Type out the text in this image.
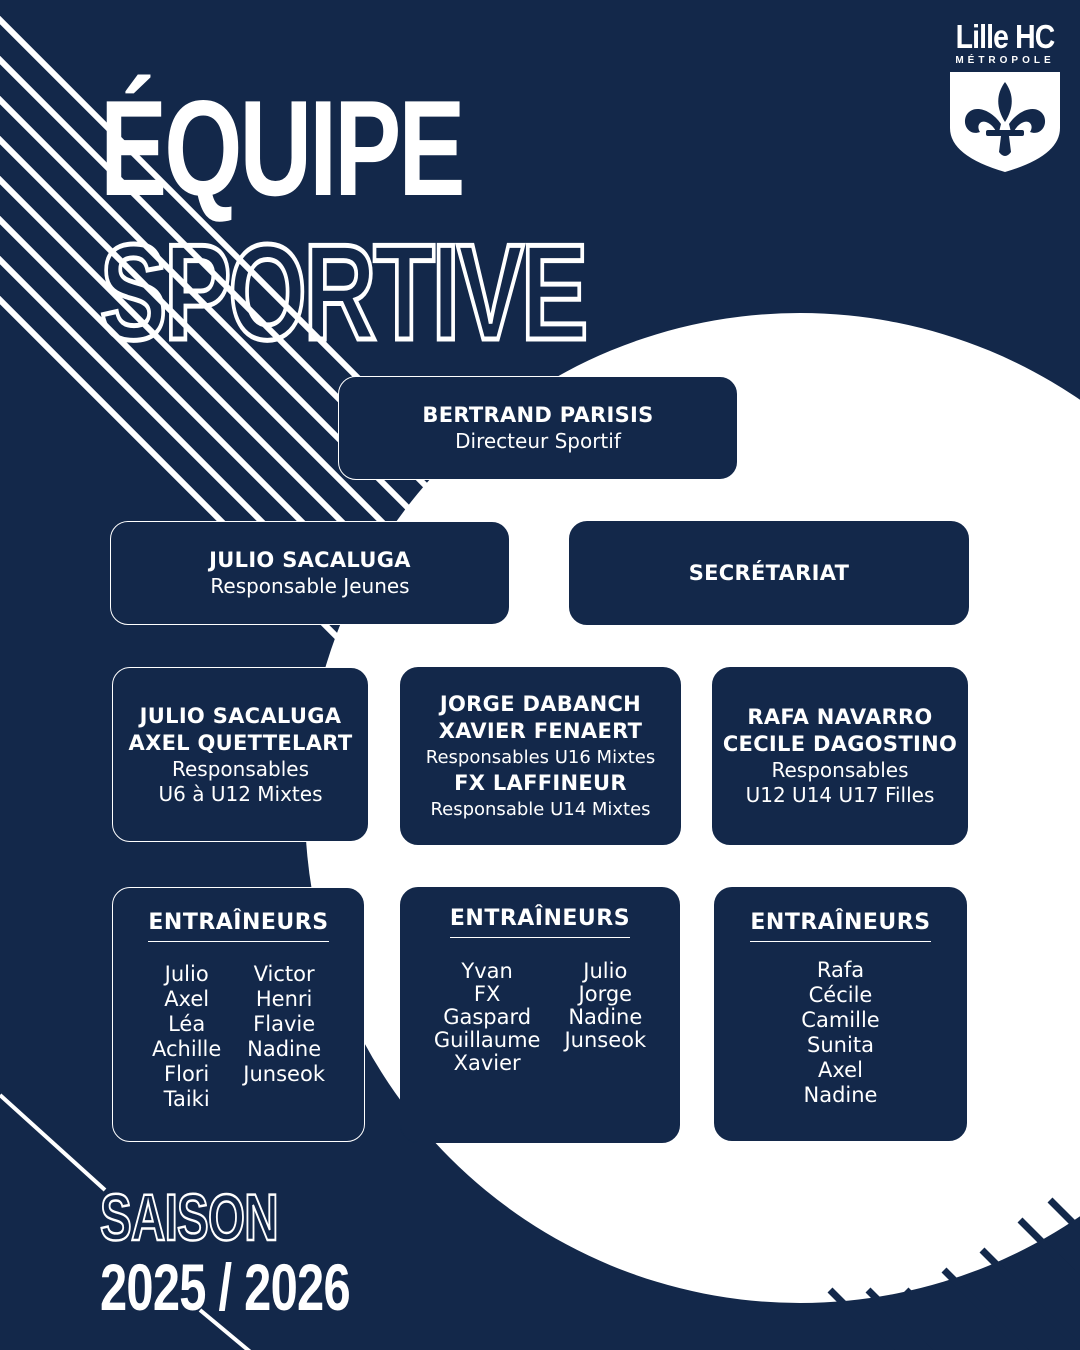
ÉQUIPE
SPORTIVE
Lille HC
MÉTROPOLE
BERTRAND PARISIS
Directeur Sportif
JULIO SACALUGA
Responsable Jeunes
SECRÉTARIAT
JULIO SACALUGA
AXEL QUETTELART
Responsables
U6 à U12 Mixtes
JORGE DABANCH
XAVIER FENAERT
Responsables U16 Mixtes
FX LAFFINEUR
Responsable U14 Mixtes
RAFA NAVARRO
CECILE DAGOSTINO
Responsables
U12 U14 U17 Filles
ENTRAÎNEURS
Julio
Axel
Léa
Achille
Flori
Taiki
Victor
Henri
Flavie
Nadine
Junseok
ENTRAÎNEURS
Yvan
FX
Gaspard
Guillaume
Xavier
Julio
Jorge
Nadine
Junseok
ENTRAÎNEURS
Rafa
Cécile
Camille
Sunita
Axel
Nadine
SAISON
2025 / 2026
